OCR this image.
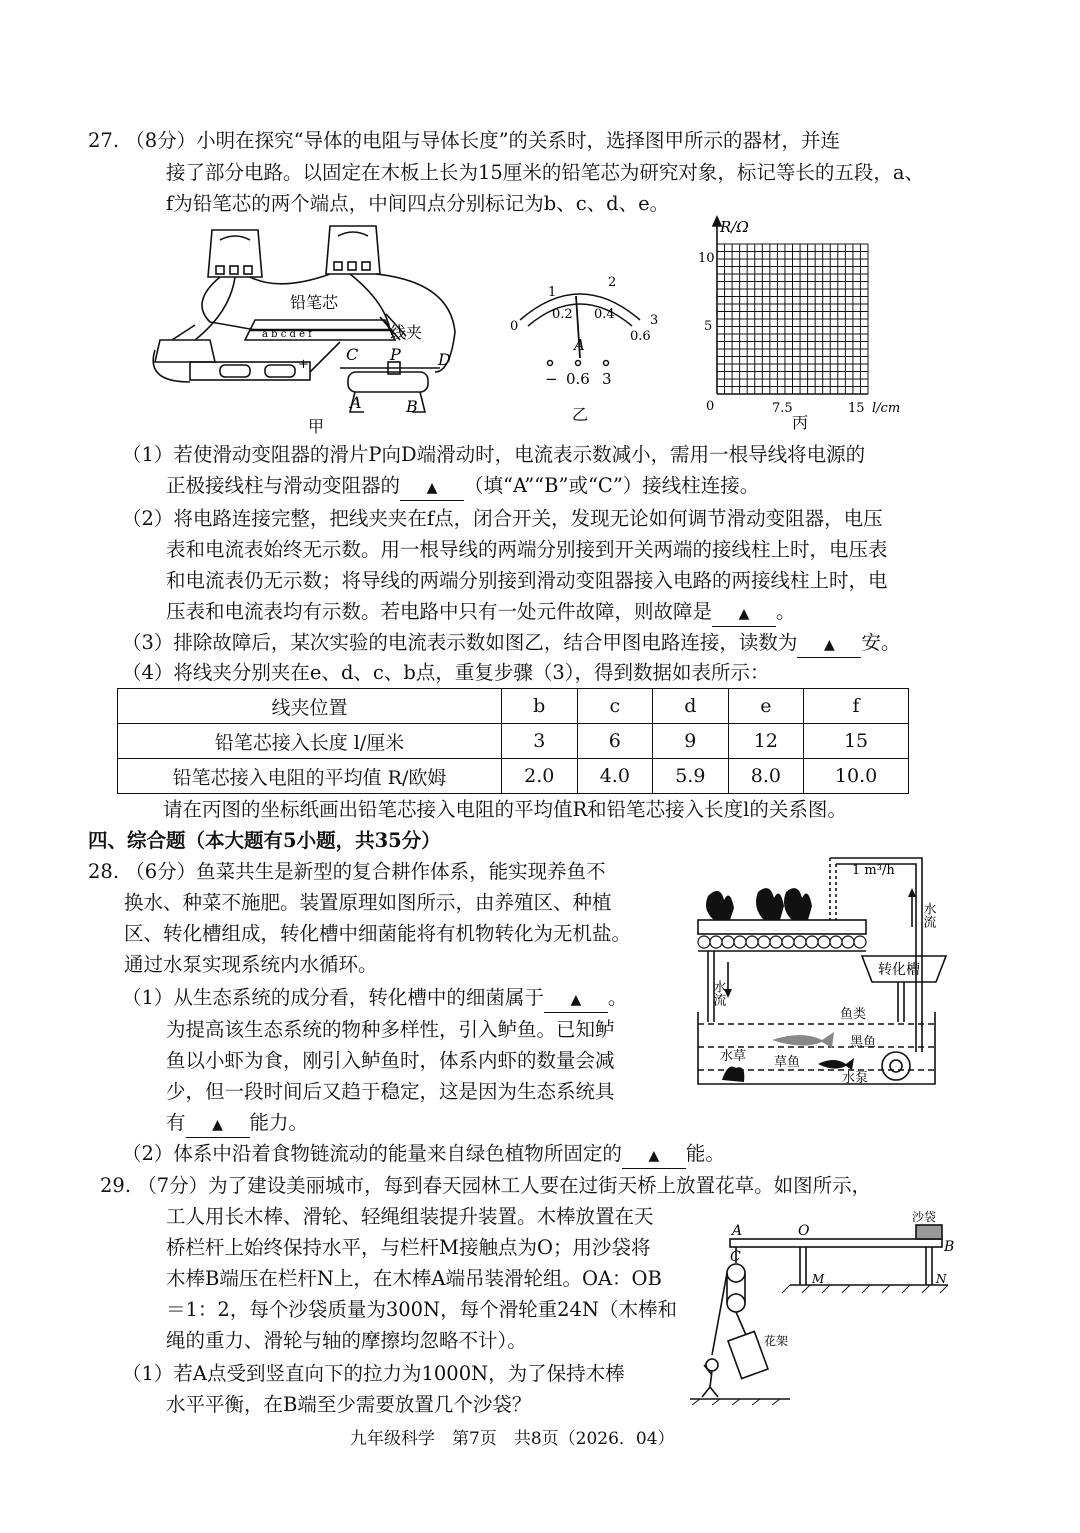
27. （8分）小明在探究“导体的电阻与导体长度”的关系时，选择图甲所示的器材，并连
接了部分电路。以固定在木板上长为15厘米的铅笔芯为研究对象，标记等长的五段，a、
f为铅笔芯的两个端点，中间四点分别标记为b、c、d、e。
铅笔芯
a b c d e f	线夹
C P D
A	B
+
甲
0
0.2 0.4
0.6
1
2
3
A
− 0.6 3
乙
R/Ω
10
5
0	7.5	15 l/cm
丙
（1）若使滑动变阻器的滑片P向D端滑动时，电流表示数减小，需用一根导线将电源的
正极接线柱与滑动变阻器的 ▲ （填“A”“B”或“C”）接线柱连接。
（2）将电路连接完整，把线夹夹在f点，闭合开关，发现无论如何调节滑动变阻器，电压
表和电流表始终无示数。用一根导线的两端分别接到开关两端的接线柱上时，电压表
和电流表仍无示数；将导线的两端分别接到滑动变阻器接入电路的两接线柱上时，电
压表和电流表均有示数。若电路中只有一处元件故障，则故障是 ▲ 。
（3）排除故障后，某次实验的电流表示数如图乙，结合甲图电路连接，读数为 ▲ 安。
（4）将线夹分别夹在e、d、c、b点，重复步骤（3），得到数据如表所示：
线夹位置	b	c	d	e	f
铅笔芯接入长度 l/厘米	3	6	9	12	15
铅笔芯接入电阻的平均值 R/欧姆	2.0	4.0	5.9	8.0	10.0
请在丙图的坐标纸画出铅笔芯接入电阻的平均值R和铅笔芯接入长度l的关系图。
四、综合题（本大题有5小题，共35分）
28. （6分）鱼菜共生是新型的复合耕作体系，能实现养鱼不
换水、种菜不施肥。装置原理如图所示，由养殖区、种植
区、转化槽组成，转化槽中细菌能将有机物转化为无机盐。
通过水泵实现系统内水循环。
（1）从生态系统的成分看，转化槽中的细菌属于 ▲ 。
为提高该生态系统的物种多样性，引入鲈鱼。已知鲈
鱼以小虾为食，刚引入鲈鱼时，体系内虾的数量会减
少，但一段时间后又趋于稳定，这是因为生态系统具
有 ▲ 能力。
（2）体系中沿着食物链流动的能量来自绿色植物所固定的 ▲ 能。
1 m³/h
水流
水流
转化槽
鱼类
黑鱼
水草 草鱼
水泵
29. （7分）为了建设美丽城市，每到春天园林工人要在过街天桥上放置花草。如图所示，
工人用长木棒、滑轮、轻绳组装提升装置。木棒放置在天
桥栏杆上始终保持水平，与栏杆M接触点为O；用沙袋将
木棒B端压在栏杆N上，在木棒A端吊装滑轮组。OA：OB
＝1：2，每个沙袋质量为300N，每个滑轮重24N（木棒和
绳的重力、滑轮与轴的摩擦均忽略不计）。
（1）若A点受到竖直向下的拉力为1000N，为了保持木棒
水平平衡，在B端至少需要放置几个沙袋？
A	O
B
C
M	N
沙袋
花架
九年级科学　第7页　共8页（2026．04）
